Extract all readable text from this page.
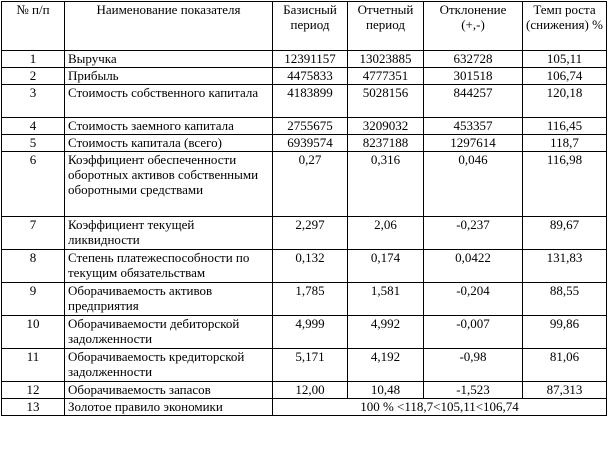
№ п/п	Наименование показателя	Базисный период	Отчетный период	Отклонение (+,-)	Темп роста (снижения) %
1	Выручка	12391157	13023885	632728	105,11
2	Прибыль	4475833	4777351	301518	106,74
3	Стоимость собственного капитала	4183899	5028156	844257	120,18
4	Стоимость заемного капитала	2755675	3209032	453357	116,45
5	Стоимость капитала (всего)	6939574	8237188	1297614	118,7
6	Коэффициент обеспеченности оборотных активов собственными оборотными средствами	0,27	0,316	0,046	116,98
7	Коэффициент текущей ликвидности	2,297	2,06	-0,237	89,67
8	Степень платежеспособности по текущим обязательствам	0,132	0,174	0,0422	131,83
9	Оборачиваемость активов предприятия	1,785	1,581	-0,204	88,55
10	Оборачиваемости дебиторской задолженности	4,999	4,992	-0,007	99,86
11	Оборачиваемость кредиторской задолженности	5,171	4,192	-0,98	81,06
12	Оборачиваемость запасов	12,00	10,48	-1,523	87,313
13	Золотое правило экономики	100 % <118,7<105,11<106,74			
